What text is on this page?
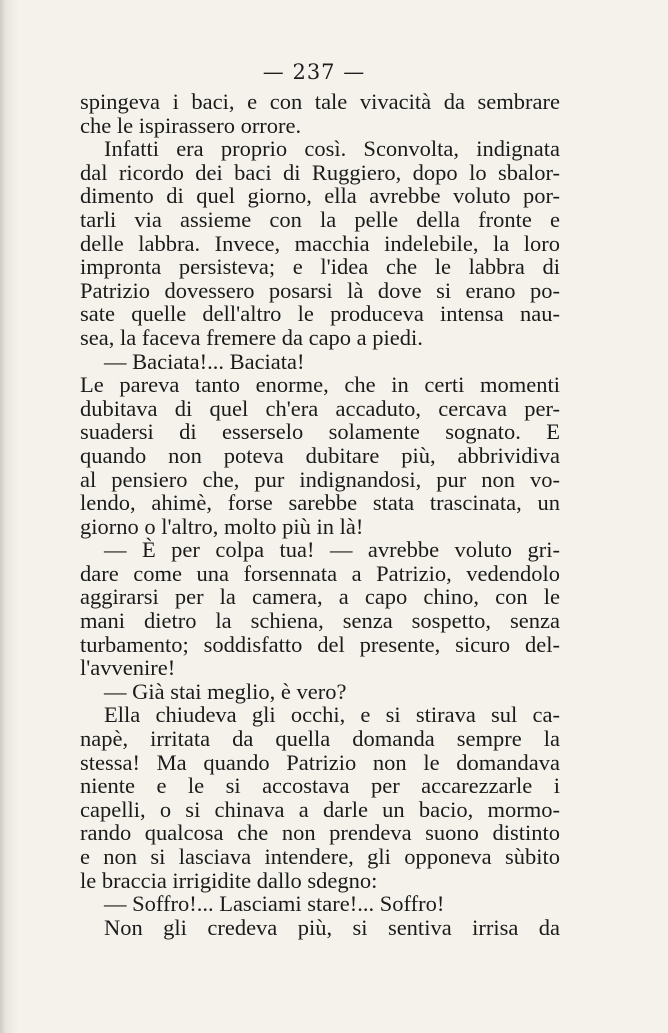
— 237 —
spingeva i baci, e con tale vivacità da sembrare
che le ispirassero orrore.
Infatti era proprio così. Sconvolta, indignata
dal ricordo dei baci di Ruggiero, dopo lo sbalor-
dimento di quel giorno, ella avrebbe voluto por-
tarli via assieme con la pelle della fronte e
delle labbra. Invece, macchia indelebile, la loro
impronta persisteva; e l'idea che le labbra di
Patrizio dovessero posarsi là dove si erano po-
sate quelle dell'altro le produceva intensa nau-
sea, la faceva fremere da capo a piedi.
— Baciata!... Baciata!
Le pareva tanto enorme, che in certi momenti
dubitava di quel ch'era accaduto, cercava per-
suadersi di esserselo solamente sognato. E
quando non poteva dubitare più, abbrividiva
al pensiero che, pur indignandosi, pur non vo-
lendo, ahimè, forse sarebbe stata trascinata, un
giorno o l'altro, molto più in là!
— È per colpa tua! — avrebbe voluto gri-
dare come una forsennata a Patrizio, vedendolo
aggirarsi per la camera, a capo chino, con le
mani dietro la schiena, senza sospetto, senza
turbamento; soddisfatto del presente, sicuro del-
l'avvenire!
— Già stai meglio, è vero?
Ella chiudeva gli occhi, e si stirava sul ca-
napè, irritata da quella domanda sempre la
stessa! Ma quando Patrizio non le domandava
niente e le si accostava per accarezzarle i
capelli, o si chinava a darle un bacio, mormo-
rando qualcosa che non prendeva suono distinto
e non si lasciava intendere, gli opponeva sùbito
le braccia irrigidite dallo sdegno:
— Soffro!... Lasciami stare!... Soffro!
Non gli credeva più, si sentiva irrisa da
